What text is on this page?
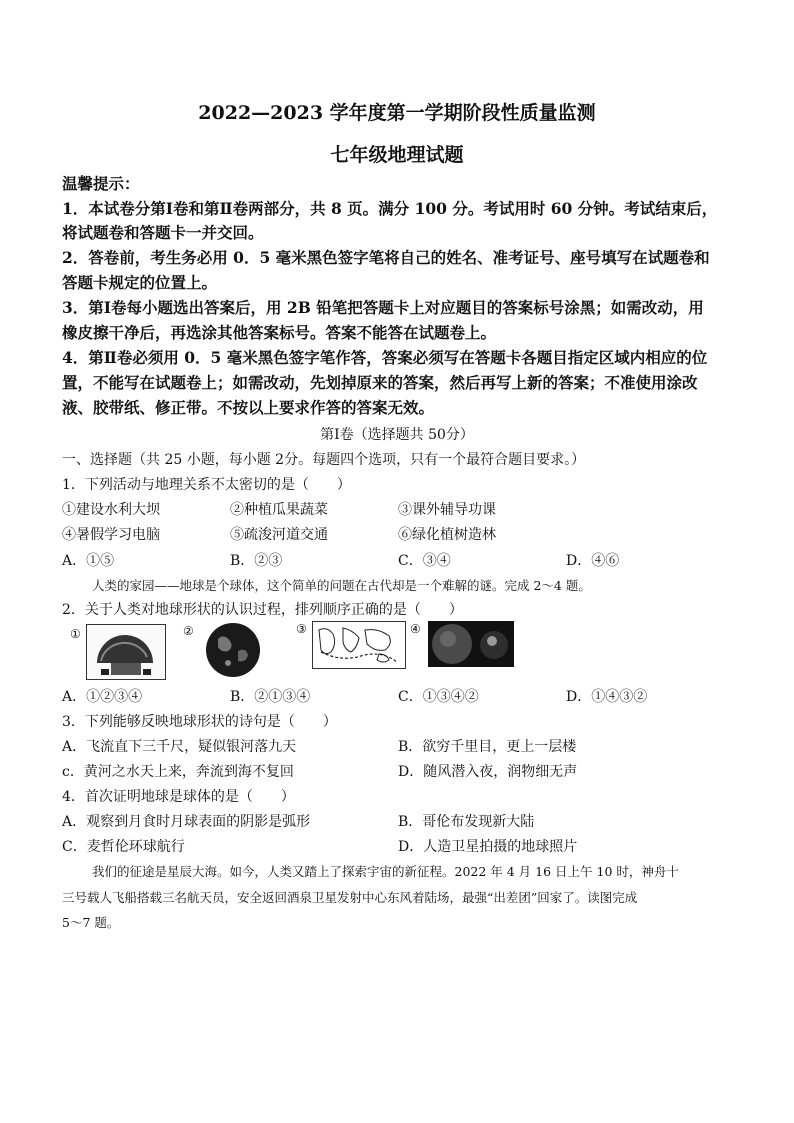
2022—2023 学年度第一学期阶段性质量监测
七年级地理试题
温馨提示：
1．本试卷分第Ⅰ卷和第Ⅱ卷两部分，共 8 页。满分 100 分。考试用时 60 分钟。考试结束后，
将试题卷和答题卡一并交回。
2．答卷前，考生务必用 0．5 毫米黑色签字笔将自己的姓名、准考证号、座号填写在试题卷和
答题卡规定的位置上。
3．第Ⅰ卷每小题选出答案后，用 2B 铅笔把答题卡上对应题目的答案标号涂黑；如需改动，用
橡皮擦干净后，再选涂其他答案标号。答案不能答在试题卷上。
4．第Ⅱ卷必须用 0．5 毫米黑色签字笔作答，答案必须写在答题卡各题目指定区域内相应的位
置，不能写在试题卷上；如需改动，先划掉原来的答案，然后再写上新的答案；不准使用涂改
液、胶带纸、修正带。不按以上要求作答的答案无效。
第Ⅰ卷（选择题共 50分）
一、选择题（共 25 小题，每小题 2分。每题四个选项，只有一个最符合题目要求。）
1．下列活动与地理关系不太密切的是（　　）
①建设水利大坝	②种植瓜果蔬菜	③课外辅导功课
④暑假学习电脑	⑤疏浚河道交通	⑥绿化植树造林
A．①⑤	B．②③	C．③④	D．④⑥
人类的家园——地球是个球体，这个简单的问题在古代却是一个难解的谜。完成 2～4 题。
2．关于人类对地球形状的认识过程，排列顺序正确的是（　　）
①	②	③	④
A．①②③④	B．②①③④	C．①③④②	D．①④③②
3．下列能够反映地球形状的诗句是（　　）
A．飞流直下三千尺，疑似银河落九天	B．欲穷千里目，更上一层楼
c．黄河之水天上来，奔流到海不复回	D．随风潜入夜，润物细无声
4．首次证明地球是球体的是（　　）
A．观察到月食时月球表面的阴影是弧形	B．哥伦布发现新大陆
C．麦哲伦环球航行	D．人造卫星拍摄的地球照片
我们的征途是星辰大海。如今，人类又踏上了探索宇宙的新征程。2022 年 4 月 16 日上午 10 时，神舟十
三号载人飞船搭载三名航天员，安全返回酒泉卫星发射中心东风着陆场，最强“出差团”回家了。读图完成
5～7 题。
